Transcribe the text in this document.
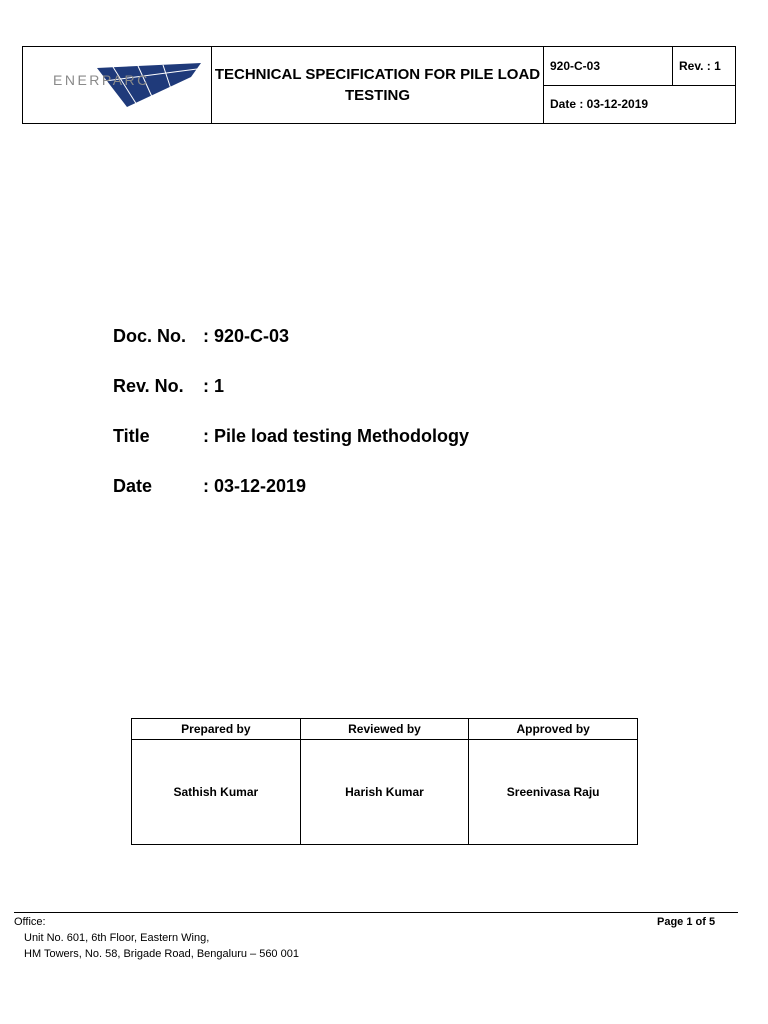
ENERPARC	TECHNICAL SPECIFICATION FOR PILE LOAD
TESTING
	920-C-03	Rev. : 1
Date : 03-12-2019
Doc. No. : 920-C-03
Rev. No.	: 1
Title	: Pile load testing Methodology
Date	: 03-12-2019
Prepared by	Reviewed by	Approved by
Sathish Kumar	Harish Kumar	Sreenivasa Raju
Office:
Unit No. 601, 6th Floor, Eastern Wing,
HM Towers, No. 58, Brigade Road, Bengaluru – 560 001
Page 1 of 5
